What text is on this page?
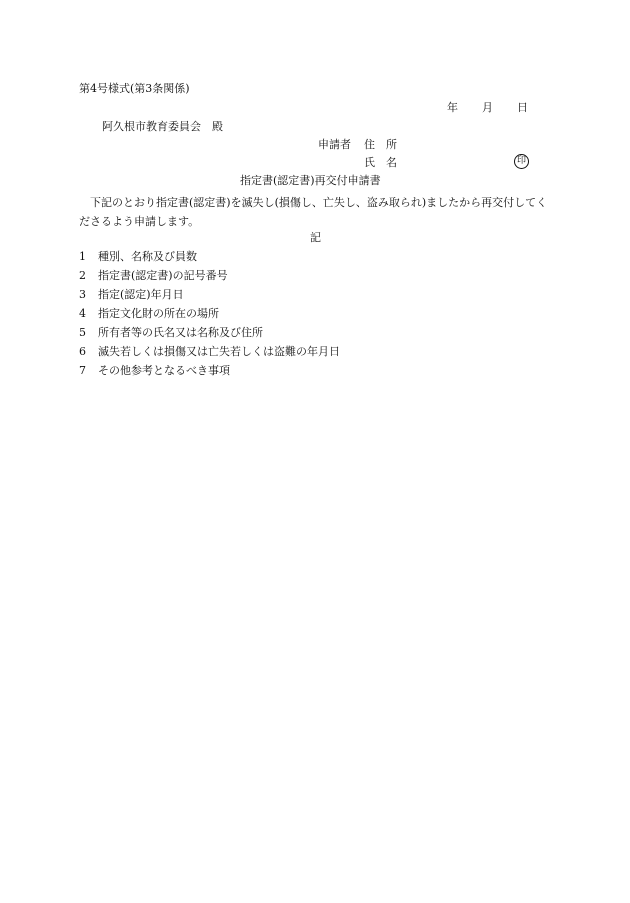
第4号様式(第3条関係)
年 月 日
阿久根市教育委員会　殿
申請者 住　所
氏　名	印
指定書(認定書)再交付申請書
下記のとおり指定書(認定書)を滅失し(損傷し、亡失し、盗み取られ)ましたから再交付してくださるよう申請します。
記
1 種別、名称及び員数
2 指定書(認定書)の記号番号
3 指定(認定)年月日
4 指定文化財の所在の場所
5 所有者等の氏名又は名称及び住所
6 滅失若しくは損傷又は亡失若しくは盗難の年月日
7 その他参考となるべき事項
